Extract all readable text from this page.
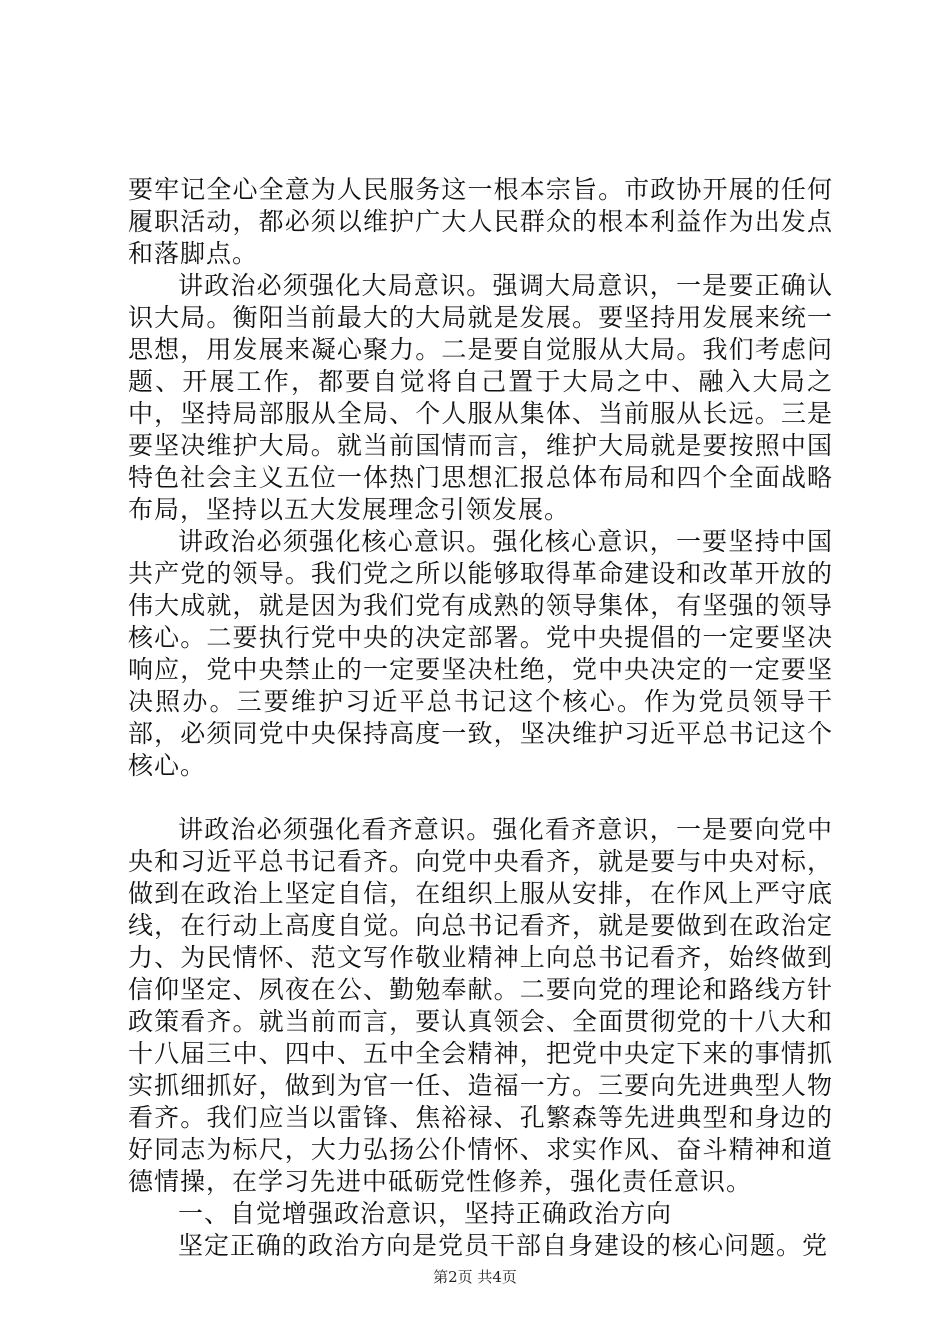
要牢记全心全意为人民服务这一根本宗旨。市政协开展的任何履职活动，都必须以维护广大人民群众的根本利益作为出发点和落脚点。

讲政治必须强化大局意识。强调大局意识，一是要正确认识大局。衡阳当前最大的大局就是发展。要坚持用发展来统一思想，用发展来凝心聚力。二是要自觉服从大局。我们考虑问题、开展工作，都要自觉将自己置于大局之中、融入大局之中，坚持局部服从全局、个人服从集体、当前服从长远。三是要坚决维护大局。就当前国情而言，维护大局就是要按照中国特色社会主义五位一体热门思想汇报总体布局和四个全面战略布局，坚持以五大发展理念引领发展。

讲政治必须强化核心意识。强化核心意识，一要坚持中国共产党的领导。我们党之所以能够取得革命建设和改革开放的伟大成就，就是因为我们党有成熟的领导集体，有坚强的领导核心。二要执行党中央的决定部署。党中央提倡的一定要坚决响应，党中央禁止的一定要坚决杜绝，党中央决定的一定要坚决照办。三要维护习近平总书记这个核心。作为党员领导干部，必须同党中央保持高度一致，坚决维护习近平总书记这个核心。

讲政治必须强化看齐意识。强化看齐意识，一是要向党中央和习近平总书记看齐。向党中央看齐，就是要与中央对标，做到在政治上坚定自信，在组织上服从安排，在作风上严守底线，在行动上高度自觉。向总书记看齐，就是要做到在政治定力、为民情怀、范文写作敬业精神上向总书记看齐，始终做到信仰坚定、夙夜在公、勤勉奉献。二要向党的理论和路线方针政策看齐。就当前而言，要认真领会、全面贯彻党的十八大和十八届三中、四中、五中全会精神，把党中央定下来的事情抓实抓细抓好，做到为官一任、造福一方。三要向先进典型人物看齐。我们应当以雷锋、焦裕禄、孔繁森等先进典型和身边的好同志为标尺，大力弘扬公仆情怀、求实作风、奋斗精神和道德情操，在学习先进中砥砺党性修养，强化责任意识。

一、自觉增强政治意识，坚持正确政治方向

坚定正确的政治方向是党员干部自身建设的核心问题。党

第2页 共4页
